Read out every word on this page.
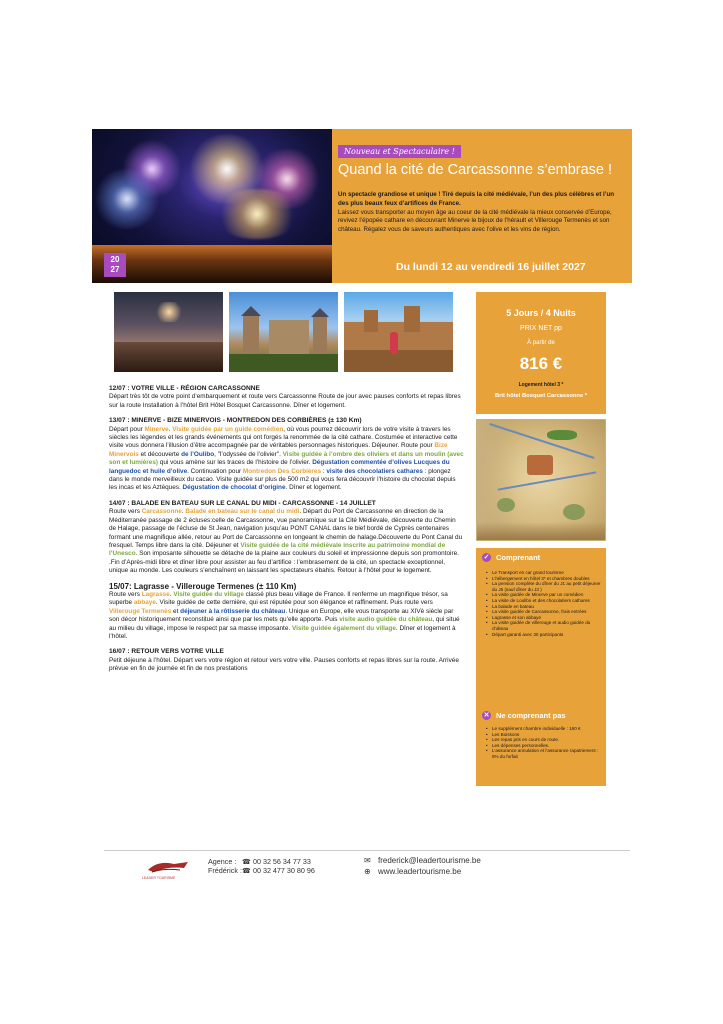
20
27
Nouveau et Spectaculaire !
Quand la cité de Carcassonne s’embrase !
Un spectacle grandiose et unique ! Tiré depuis la cité médiévale, l’un des plus célèbres et l’un des plus beaux feux d’artifices de France.
Laissez vous transporter au moyen âge au coeur de la cité médiévale la mieux conservée d’Europe, revivez l’épopée cathare en découvrant Minerve le bijoux de l’hérault et Villerouge Termenès et son château. Régalez vous de saveurs authentiques avec l’olive et les vins de région.
Du lundi 12 au vendredi 16 juillet 2027
5 Jours / 4 Nuits
PRIX NET pp
À partir de
816 €
Logement hôtel 3 *
Brit hôtel Bosquet Carcassonne *
12/07 : VOTRE VILLE - RÉGION CARCASSONNE

Départ très tôt de votre point d’embarquement et route vers Carcassonne Route de jour avec pauses conforts et repas libres sur la route Installation à l’hôtel Brit Hôtel Bosquet Carcassonne. Dîner et logement.

13/07 : MINERVE - BIZE MINERVOIS - MONTREDON DES CORBIÈRES (± 130 Km)

Départ pour Minerve. Visite guidée par un guide comédien, où vous pourrez découvrir lors de votre visite à travers les siècles les légendes et les grands événements qui ont forgés la renommée de la cité cathare. Costumée et interactive cette visite vous donnera l’illusion d’être accompagnée par de véritables personnages historiques. Déjeuner. Route pour Bize Minervois et découverte de l’Oulibo, "l’odyssée de l’olivier". Visite guidée à l’ombre des oliviers et dans un moulin (avec son et lumières) qui vous amène sur les traces de l’histoire de l’olivier. Dégustation commentée d’olives Lucques du languedoc et huile d’olive. Continuation pour Montredon Des Corbières : visite des chocolatiers cathares : plongez dans le monde merveilleux du cacao. Visite guidée sur plus de 500 m2 qui vous fera découvrir l’histoire du chocolat depuis les incas et les Aztèques. Dégustation de chocolat d’origine. Dîner et logement.

14/07 : BALADE EN BATEAU SUR LE CANAL DU MIDI - CARCASSONNE - 14 JUILLET

Route vers Carcassonne. Balade en bateau sur le canal du midi. Départ du Port de Carcassonne en direction de la Méditerranée passage de 2 écluses:celle de Carcassonne, vue panoramique sur la Cité Médiévale, découverte du Chemin de Halage, passage de l’écluse de St Jean, navigation jusqu’au PONT CANAL dans le bief bordé de Cyprès centenaires formant une magnifique allée, retour au Port de Carcassonne en longeant le chemin de halage.Découverte du Pont Canal du fresquel. Temps libre dans la cité. Déjeuner et Visite guidée de la cité médiévale inscrite au patrimoine mondial de l’Unesco. Son imposante silhouette se détache de la plaine aux couleurs du soleil et impressionne depuis son promontoire. .Fin d’Après-midi libre et dîner libre pour assister au feu d’artifice : l’embrasement de la cité, un spectacle exceptionnel, unique au monde. Les couleurs s’enchaînent en laissant les spectateurs ébahis. Retour à l’hôtel pour le logement.

15/07: Lagrasse - Villerouge Termenes (± 110 Km)

Route vers Lagrasse. Visite guidée du village classé plus beau village de France. Il renferme un magnifique trésor, sa superbe abbaye. Visite guidée de cette dernière, qui est réputée pour son élégance et raffinement. Puis route vers Villerouge Termenès et déjeuner à la rôtisserie du château. Unique en Europe, elle vous transporte au XIVè siècle par son décor historiquement reconstitué ainsi que par les mets qu’elle apporte. Puis visite audio guidée du château, qui situé au milieu du village, impose le respect par sa masse imposante. Visite guidée également du village. Dîner et logement à l’hôtel.

16/07 : RETOUR VERS VOTRE VILLE

Petit déjeune à l’hôtel. Départ vers votre région et retour vers votre ville. Pauses conforts et repas libres sur la route. Arrivée prévue en fin de journée et fin de nos prestations

✓ Comprenant
• Le Transport en car grand tourisme
• L’hébergement en hôtel 3* et chambres doubles
• La pension complète du dîner du J1 au petit déjeuner du J5 (sauf dîner du J3 )
• La visite guidée de Minerve par un comédien
• La visite de Loulibo et des chocolatiers cathares
• La balade en bateau
• La visite guidée de Carcassonne, frais entrées
• Lagrasse et son abbaye
• La visite guidée de villerouge et audio guidée du château
• Départ garanti avec 30 participants
✕ Ne comprenant pas
• Le supplément chambre individuelle : 160 €
• Les Boissons
• Les repas pris en cours de route.
• Les dépenses personnelles.
• L’assurance annulation et l’assurance rapatriement : 5% du forfait
LEADER TOURISME
Agence : ☎ 00 32 56 34 77 33
Frédérick :☎ 00 32 477 30 80 96
✉ frederick@leadertourisme.be
⊕ www.leadertourisme.be
